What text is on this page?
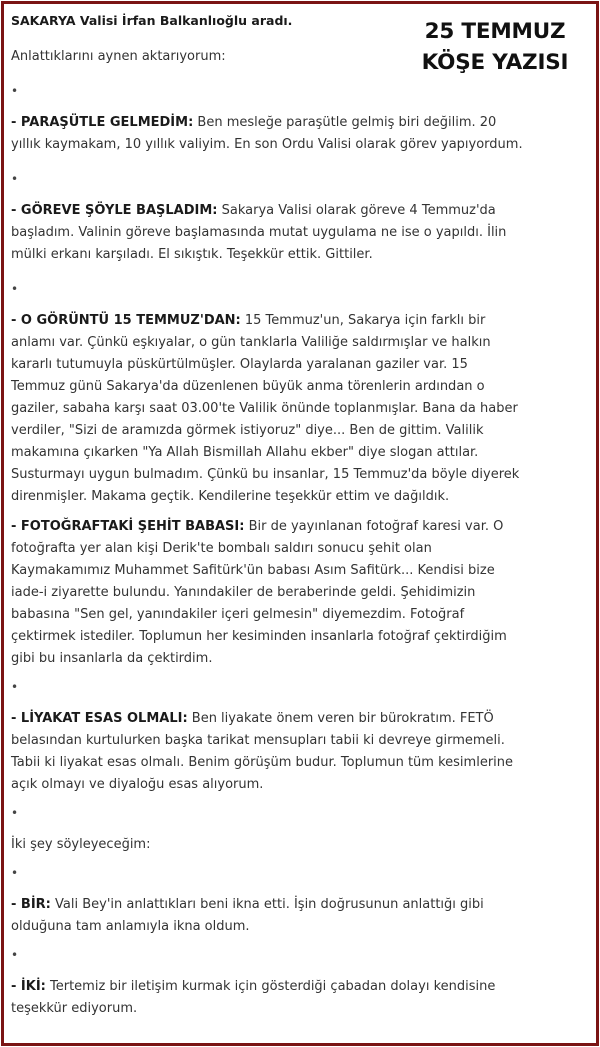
25 TEMMUZ
KÖŞE YAZISI

SAKARYA Valisi İrfan Balkanlıoğlu aradı.

Anlattıklarını aynen aktarıyorum:

•

- PARAŞÜTLE GELMEDİM: Ben mesleğe paraşütle gelmiş biri değilim. 20 yıllık kaymakam, 10 yıllık valiyim. En son Ordu Valisi olarak görev yapıyordum.

•

- GÖREVE ŞÖYLE BAŞLADIM: Sakarya Valisi olarak göreve 4 Temmuz'da başladım. Valinin göreve başlamasında mutat uygulama ne ise o yapıldı. İlin mülki erkanı karşıladı. El sıkıştık. Teşekkür ettik. Gittiler.

•

- O GÖRÜNTÜ 15 TEMMUZ'DAN: 15 Temmuz'un, Sakarya için farklı bir anlamı var. Çünkü eşkıyalar, o gün tanklarla Valiliğe saldırmışlar ve halkın kararlı tutumuyla püskürtülmüşler. Olaylarda yaralanan gaziler var. 15 Temmuz günü Sakarya'da düzenlenen büyük anma törenlerin ardından o gaziler, sabaha karşı saat 03.00'te Valilik önünde toplanmışlar. Bana da haber verdiler, "Sizi de aramızda görmek istiyoruz" diye... Ben de gittim. Valilik makamına çıkarken "Ya Allah Bismillah Allahu ekber" diye slogan attılar. Susturmayı uygun bulmadım. Çünkü bu insanlar, 15 Temmuz'da böyle diyerek direnmişler. Makama geçtik. Kendilerine teşekkür ettim ve dağıldık.

- FOTOĞRAFTAKİ ŞEHİT BABASI: Bir de yayınlanan fotoğraf karesi var. O fotoğrafta yer alan kişi Derik'te bombalı saldırı sonucu şehit olan Kaymakamımız Muhammet Safitürk'ün babası Asım Safitürk... Kendisi bize iade-i ziyarette bulundu. Yanındakiler de beraberinde geldi. Şehidimizin babasına "Sen gel, yanındakiler içeri gelmesin" diyemezdim. Fotoğraf çektirmek istediler. Toplumun her kesiminden insanlarla fotoğraf çektirdiğim gibi bu insanlarla da çektirdim.

•

- LİYAKAT ESAS OLMALI: Ben liyakate önem veren bir bürokratım. FETÖ belasından kurtulurken başka tarikat mensupları tabii ki devreye girmemeli. Tabii ki liyakat esas olmalı. Benim görüşüm budur. Toplumun tüm kesimlerine açık olmayı ve diyaloğu esas alıyorum.

•

İki şey söyleyeceğim:

•

- BİR: Vali Bey'in anlattıkları beni ikna etti. İşin doğrusunun anlattığı gibi olduğuna tam anlamıyla ikna oldum.

•

- İKİ: Tertemiz bir iletişim kurmak için gösterdiği çabadan dolayı kendisine teşekkür ediyorum.
